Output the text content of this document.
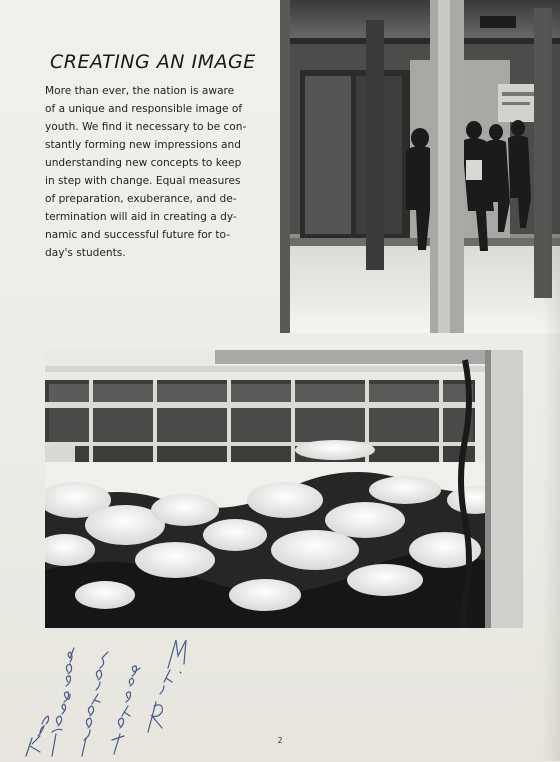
CREATING AN IMAGE

More than ever, the nation is aware
of a unique and responsible image of
youth. We find it necessary to be con-
stantly forming new impressions and
understanding new concepts to keep
in step with change. Equal measures
of preparation, exuberance, and de-
termination will aid in creating a dy-
namic and successful future for to-
day's students.

2
